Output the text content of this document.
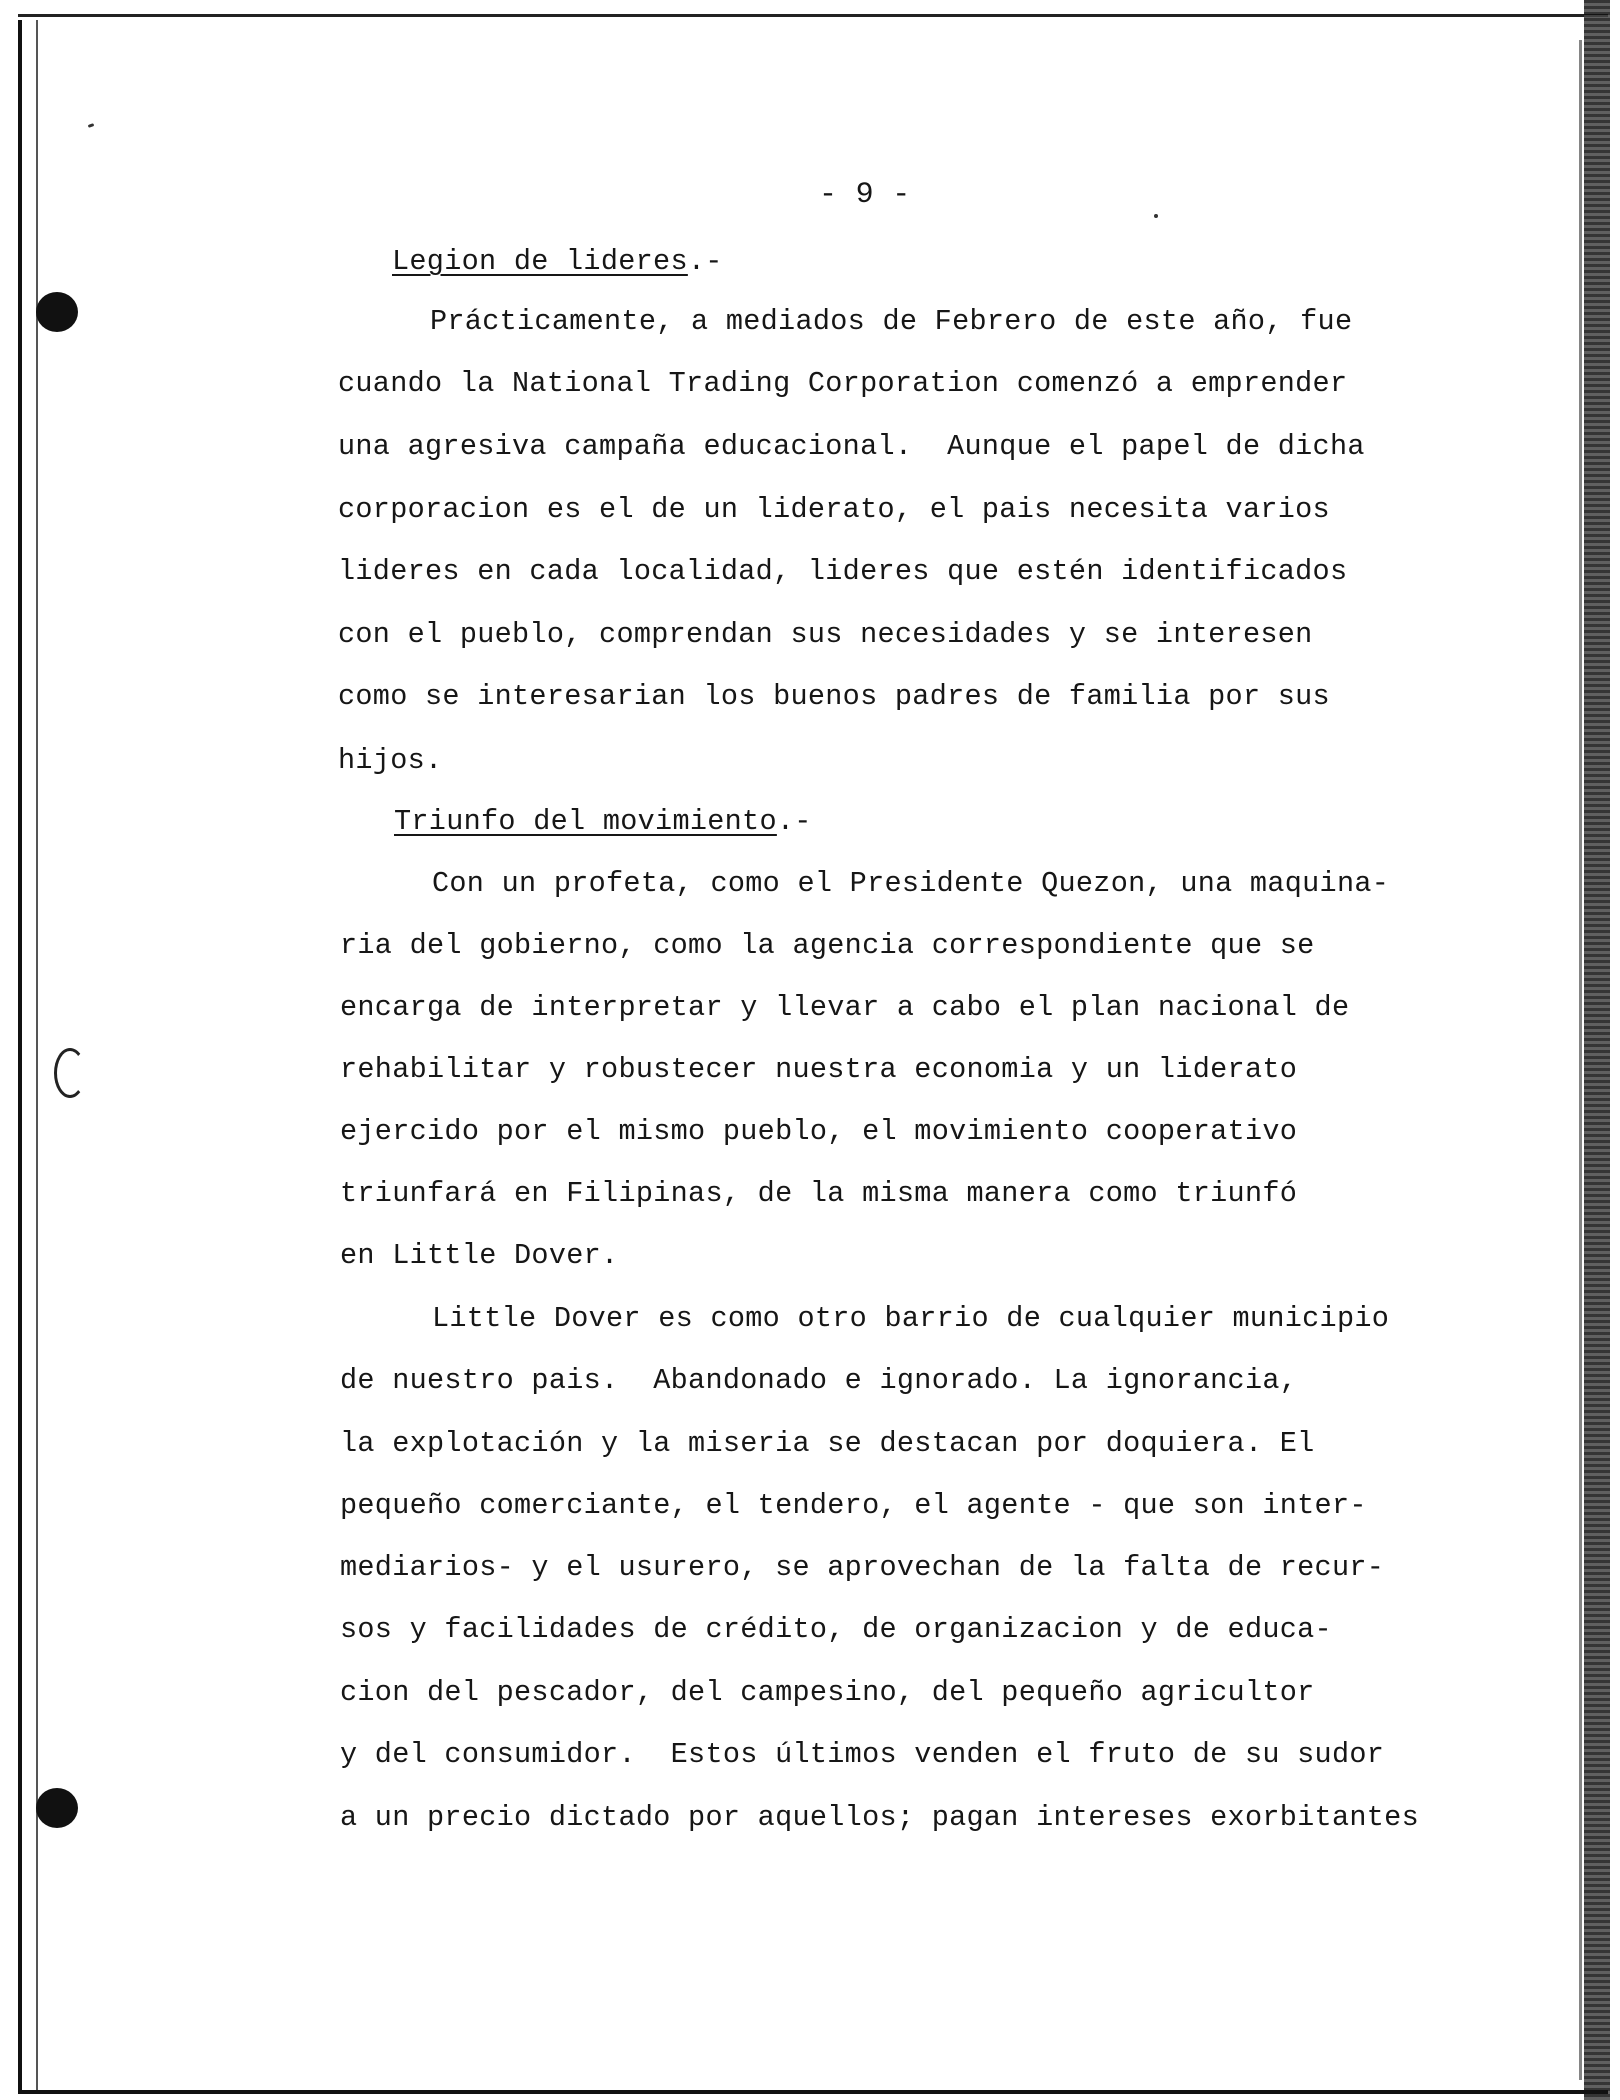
- 9 -
Legion de lideres.-
Prácticamente, a mediados de Febrero de este año, fue
cuando la National Trading Corporation comenzó a emprender
una agresiva campaña educacional.  Aunque el papel de dicha
corporacion es el de un liderato, el pais necesita varios
lideres en cada localidad, lideres que estén identificados
con el pueblo, comprendan sus necesidades y se interesen
como se interesarian los buenos padres de familia por sus
hijos.
Triunfo del movimiento.-
Con un profeta, como el Presidente Quezon, una maquina-
ria del gobierno, como la agencia correspondiente que se
encarga de interpretar y llevar a cabo el plan nacional de
rehabilitar y robustecer nuestra economia y un liderato
ejercido por el mismo pueblo, el movimiento cooperativo
triunfará en Filipinas, de la misma manera como triunfó
en Little Dover.
Little Dover es como otro barrio de cualquier municipio
de nuestro pais.  Abandonado e ignorado. La ignorancia,
la explotación y la miseria se destacan por doquiera. El
pequeño comerciante, el tendero, el agente - que son inter-
mediarios- y el usurero, se aprovechan de la falta de recur-
sos y facilidades de crédito, de organizacion y de educa-
cion del pescador, del campesino, del pequeño agricultor
y del consumidor.  Estos últimos venden el fruto de su sudor
a un precio dictado por aquellos; pagan intereses exorbitantes
